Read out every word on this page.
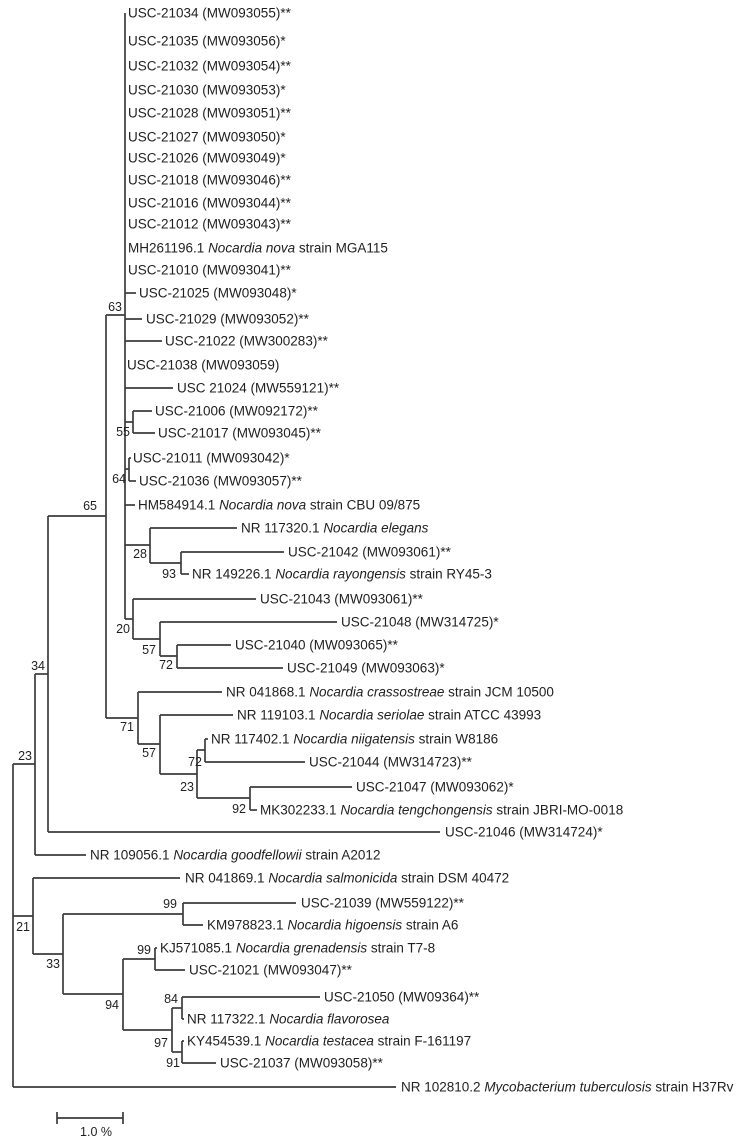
USC-21034 (MW093055)**
USC-21035 (MW093056)*
USC-21032 (MW093054)**
USC-21030 (MW093053)*
USC-21028 (MW093051)**
USC-21027 (MW093050)*
USC-21026 (MW093049)*
USC-21018 (MW093046)**
USC-21016 (MW093044)**
USC-21012 (MW093043)**
MH261196.1 Nocardia nova strain MGA115
USC-21010 (MW093041)**
USC-21025 (MW093048)*
USC-21029 (MW093052)**
USC-21022 (MW300283)**
USC-21038 (MW093059)
USC 21024 (MW559121)**
USC-21006 (MW092172)**
USC-21017 (MW093045)**
USC-21011 (MW093042)*
USC-21036 (MW093057)**
HM584914.1 Nocardia nova strain CBU 09/875
NR 117320.1 Nocardia elegans
USC-21042 (MW093061)**
NR 149226.1 Nocardia rayongensis strain RY45-3
USC-21043 (MW093061)**
USC-21048 (MW314725)*
USC-21040 (MW093065)**
USC-21049 (MW093063)*
NR 041868.1 Nocardia crassostreae strain JCM 10500
NR 119103.1 Nocardia seriolae strain ATCC 43993
NR 117402.1 Nocardia niigatensis strain W8186
USC-21044 (MW314723)**
USC-21047 (MW093062)*
MK302233.1 Nocardia tengchongensis strain JBRI-MO-0018
USC-21046 (MW314724)*
NR 109056.1 Nocardia goodfellowii strain A2012
NR 041869.1 Nocardia salmonicida strain DSM 40472
USC-21039 (MW559122)**
KM978823.1 Nocardia higoensis strain A6
KJ571085.1 Nocardia grenadensis strain T7-8
USC-21021 (MW093047)**
USC-21050 (MW09364)**
NR 117322.1 Nocardia flavorosea
KY454539.1 Nocardia testacea strain F-161197
USC-21037 (MW093058)**
NR 102810.2 Mycobacterium tuberculosis strain H37Rv
63
55
64
65
28
93
20
57
72
71
57
72
23
92
34
23
21
33
99
99
94	84
97
91
1.0 %
